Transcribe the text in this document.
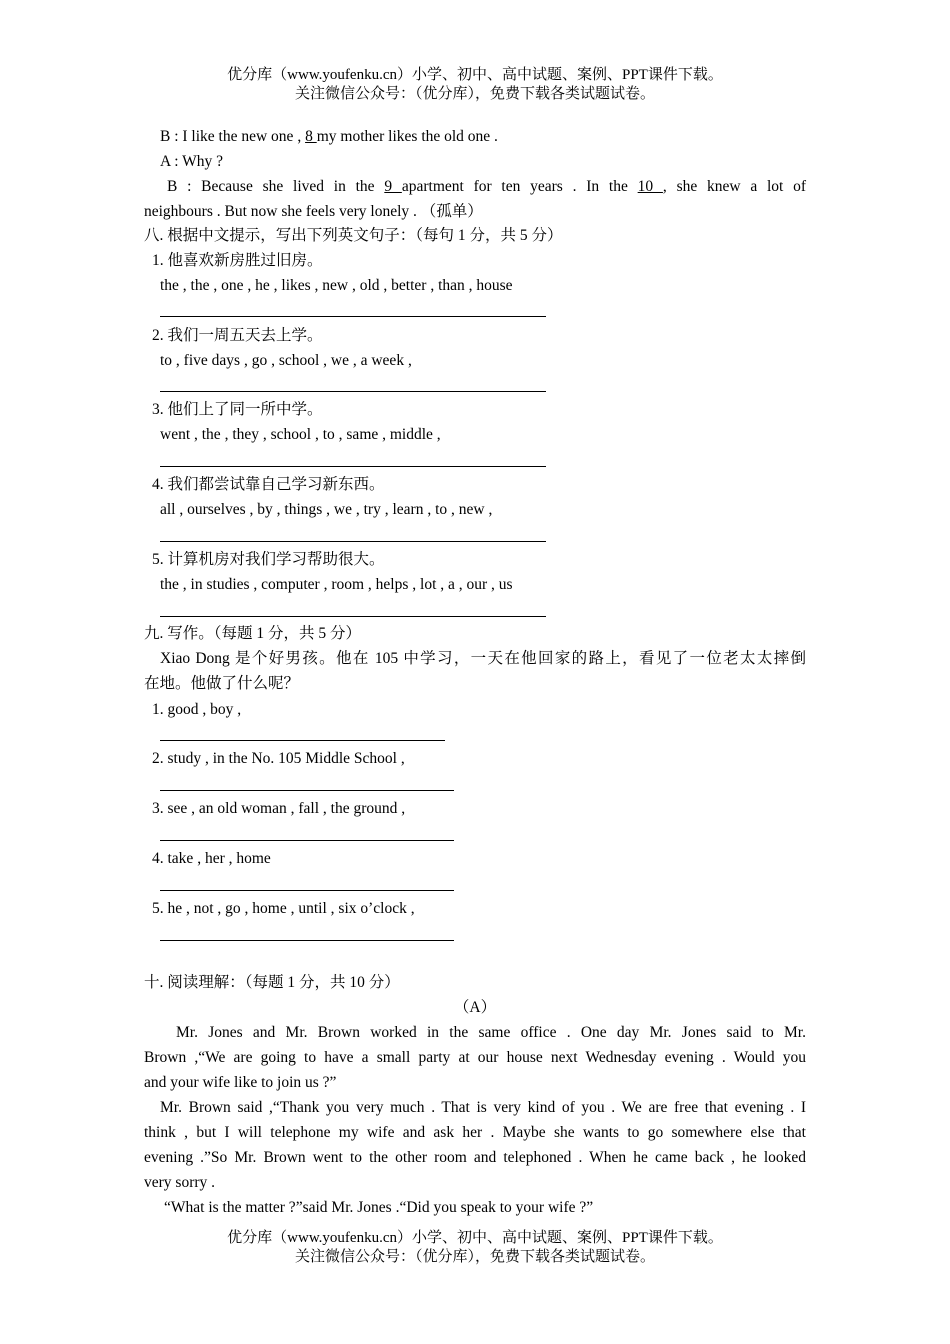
优分库（www.youfenku.cn）小学、初中、高中试题、案例、PPT课件下载。
关注微信公众号：（优分库），免费下载各类试题试卷。
B : I like the new one , 8 my mother likes the old one .
A : Why ?
B : Because she lived in the 9 apartment for ten years . In the 10 , she knew a lot of
neighbours . But now she feels very lonely . （孤单）
八. 根据中文提示，写出下列英文句子：（每句 1 分，共 5 分）
1. 他喜欢新房胜过旧房。
the , the , one , he , likes , new , old , better , than , house
2. 我们一周五天去上学。
to , five days , go , school , we , a week ,
3. 他们上了同一所中学。
went , the , they , school , to , same , middle ,
4. 我们都尝试靠自己学习新东西。
all , ourselves , by , things , we , try , learn , to , new ,
5. 计算机房对我们学习帮助很大。
the , in studies , computer , room , helps , lot , a , our , us
九. 写作。（每题 1 分，共 5 分）
Xiao Dong 是个好男孩。他在 105 中学习，一天在他回家的路上，看见了一位老太太摔倒
在地。他做了什么呢？
1. good , boy ,
2. study , in the No. 105 Middle School ,
3. see , an old woman , fall , the ground ,
4. take , her , home
5. he , not , go , home , until , six o’clock ,
十. 阅读理解：（每题 1 分，共 10 分）
（A）
Mr. Jones and Mr. Brown worked in the same office . One day Mr. Jones said to Mr.
Brown ,“We are going to have a small party at our house next Wednesday evening . Would you
and your wife like to join us ?”
Mr. Brown said ,“Thank you very much . That is very kind of you . We are free that evening . I
think , but I will telephone my wife and ask her . Maybe she wants to go somewhere else that
evening .”So Mr. Brown went to the other room and telephoned . When he came back , he looked
very sorry .
“What is the matter ?”said Mr. Jones .“Did you speak to your wife ?”
优分库（www.youfenku.cn）小学、初中、高中试题、案例、PPT课件下载。
关注微信公众号：（优分库），免费下载各类试题试卷。
